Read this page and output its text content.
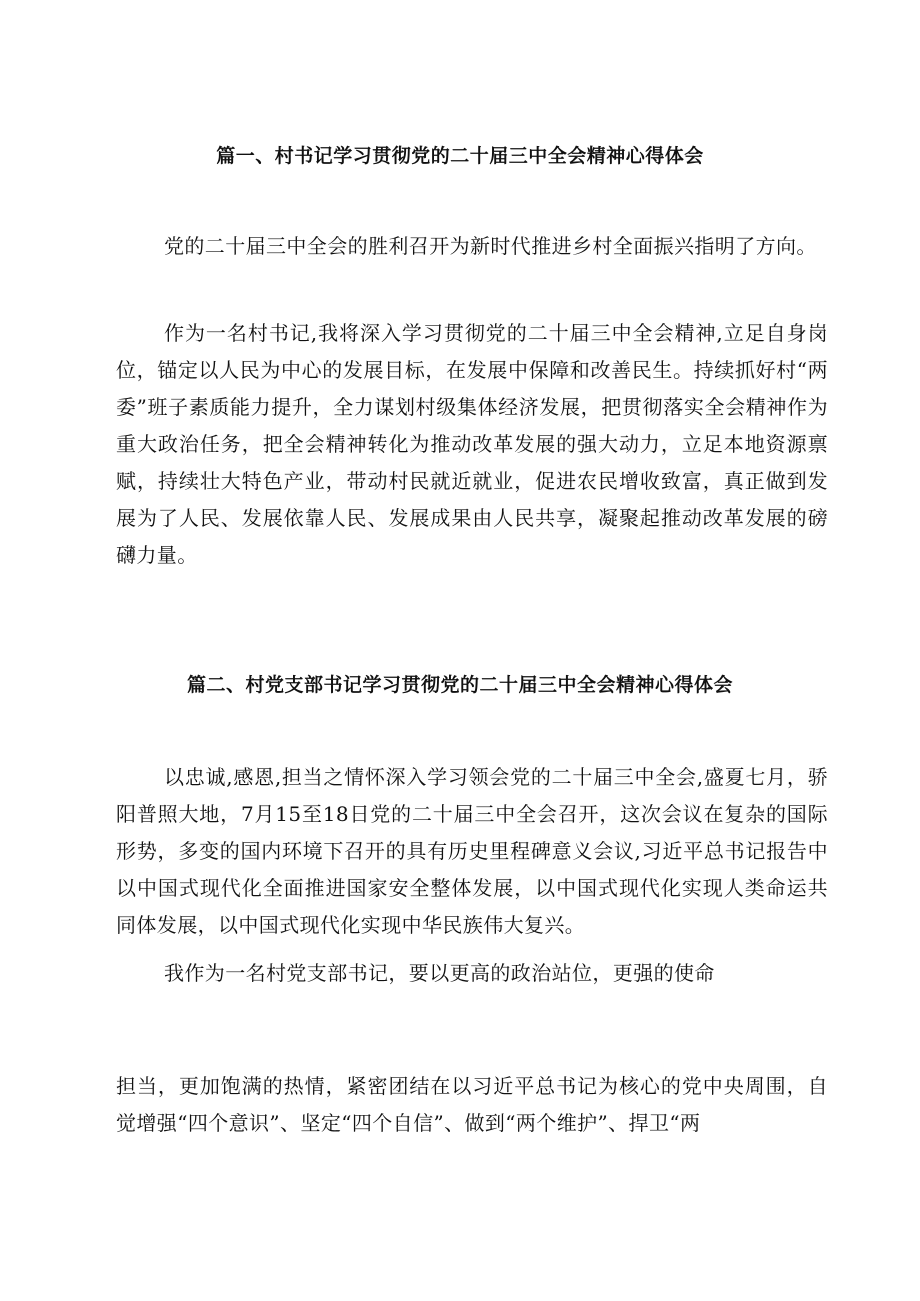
篇一、村书记学习贯彻党的二十届三中全会精神心得体会

党的二十届三中全会的胜利召开为新时代推进乡村全面振兴指明了方向。

作为一名村书记,我将深入学习贯彻党的二十届三中全会精神,立足自身岗位，锚定以人民为中心的发展目标，在发展中保障和改善民生。持续抓好村“两委”班子素质能力提升，全力谋划村级集体经济发展，把贯彻落实全会精神作为重大政治任务，把全会精神转化为推动改革发展的强大动力，立足本地资源禀赋，持续壮大特色产业，带动村民就近就业，促进农民增收致富，真正做到发展为了人民、发展依靠人民、发展成果由人民共享，凝聚起推动改革发展的磅礴力量。

篇二、村党支部书记学习贯彻党的二十届三中全会精神心得体会

以忠诚,感恩,担当之情怀深入学习领会党的二十届三中全会,盛夏七月，骄阳普照大地，7月15至18日党的二十届三中全会召开，这次会议在复杂的国际形势，多变的国内环境下召开的具有历史里程碑意义会议,习近平总书记报告中以中国式现代化全面推进国家安全整体发展，以中国式现代化实现人类命运共同体发展，以中国式现代化实现中华民族伟大复兴。

我作为一名村党支部书记，要以更高的政治站位，更强的使命

担当，更加饱满的热情，紧密团结在以习近平总书记为核心的党中央周围，自觉增强“四个意识”、坚定“四个自信”、做到“两个维护”、捍卫“两
